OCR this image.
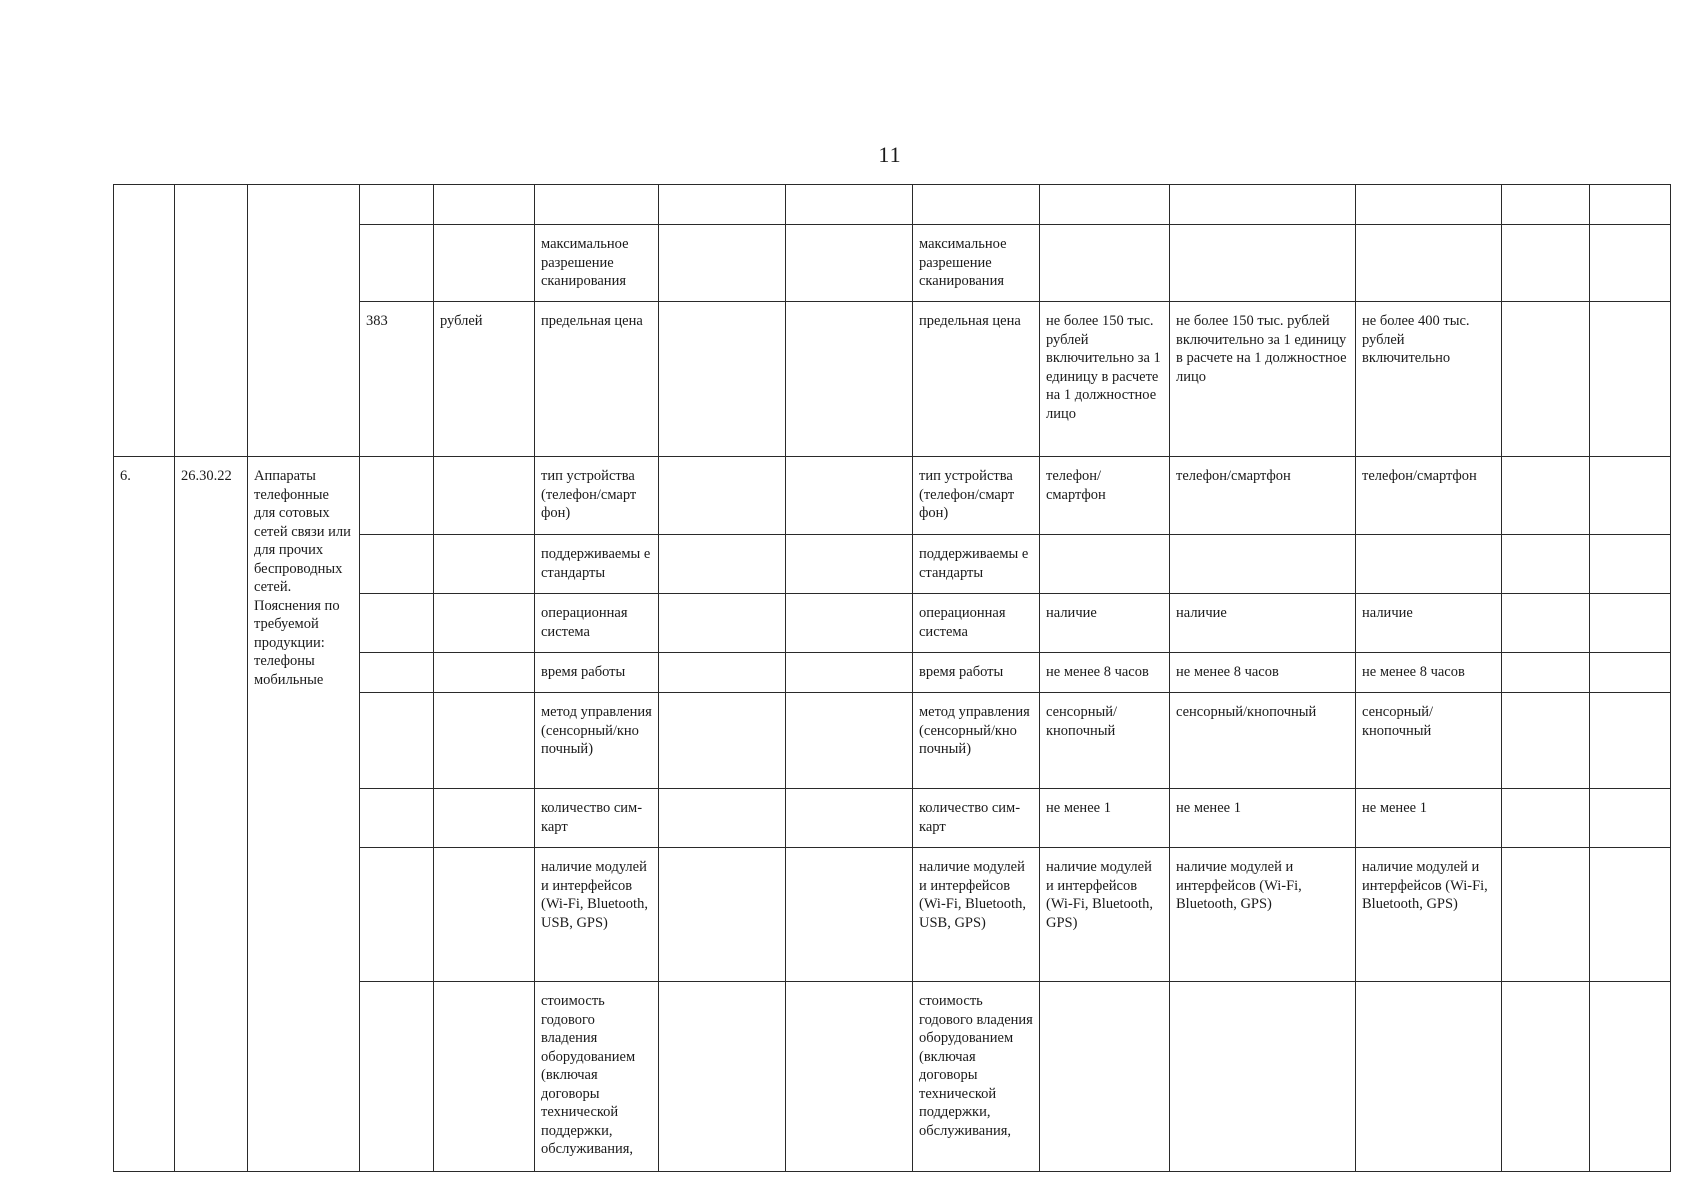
11

					максимальное разрешение сканирования			максимальное разрешение сканирования					
			383	рублей	предельная цена			предельная цена	не более 150 тыс. рублей включительно за 1 единицу в расчете на 1 должностное лицо	не более 150 тыс. рублей включительно за 1 единицу в расчете на 1 должностное лицо	не более 400 тыс. рублей включительно		
6.	26.30.22	Аппараты телефонные для сотовых сетей связи или для прочих беспроводных сетей. Пояснения по требуемой продукции: телефоны мобильные			тип устройства (телефон/смарт фон)			тип устройства (телефон/смарт фон)	телефон/ смартфон	телефон/смартфон	телефон/смартфон		
					поддерживаемы е стандарты			поддерживаемы е стандарты					
					операционная система			операционная система	наличие	наличие	наличие		
					время работы			время работы	не менее 8 часов	не менее 8 часов	не менее 8 часов		
					метод управления (сенсорный/кно почный)			метод управления (сенсорный/кно почный)	сенсорный/ кнопочный	сенсорный/кнопочный	сенсорный/ кнопочный		
					количество сим-карт			количество сим-карт	не менее 1	не менее 1	не менее 1		
					наличие модулей и интерфейсов (Wi-Fi, Bluetooth, USB, GPS)			наличие модулей и интерфейсов (Wi-Fi, Bluetooth, USB, GPS)	наличие модулей и интерфейсов (Wi-Fi, Bluetooth, GPS)	наличие модулей и интерфейсов (Wi-Fi, Bluetooth, GPS)	наличие модулей и интерфейсов (Wi-Fi, Bluetooth, GPS)		
					стоимость годового владения оборудованием (включая договоры технической поддержки, обслуживания,			стоимость годового владения оборудованием (включая договоры технической поддержки, обслуживания,					
